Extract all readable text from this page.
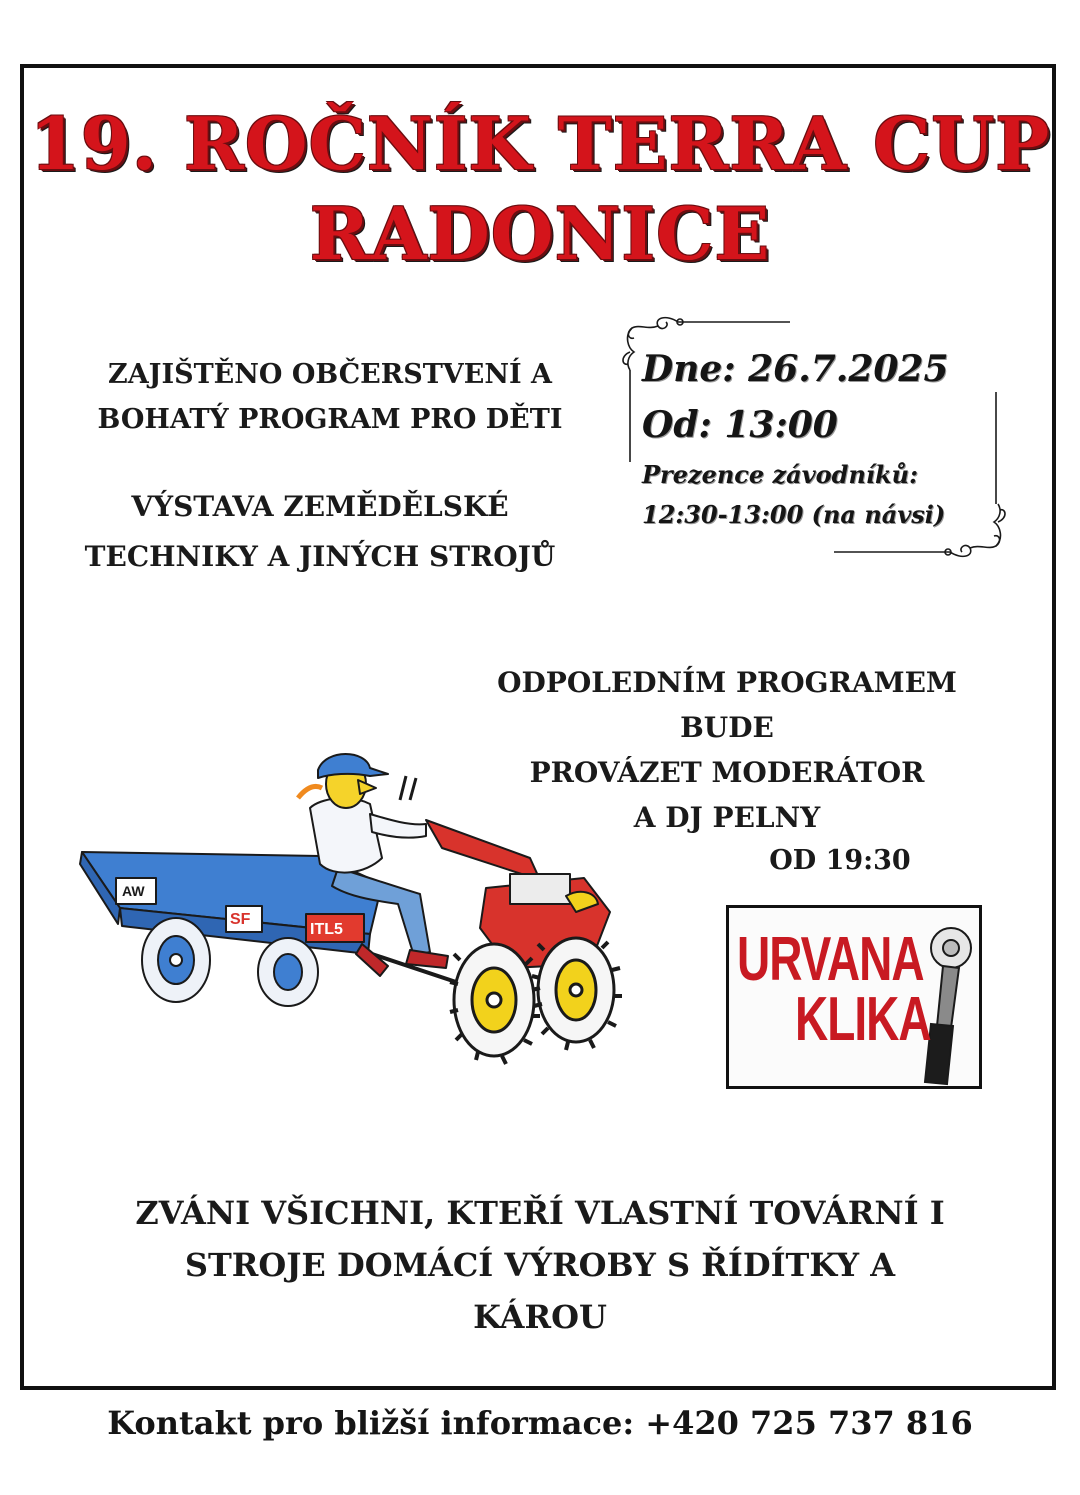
19. ROČNÍK TERRA CUP
RADONICE
ZAJIŠTĚNO OBČERSTVENÍ A
BOHATÝ PROGRAM PRO DĚTI
VÝSTAVA ZEMĚDĚLSKÉ
TECHNIKY A JINÝCH STROJŮ
Dne: 26.7.2025
Od: 13:00
Prezence závodníků:
12:30-13:00 (na návsi)
ODPOLEDNÍM PROGRAMEM BUDE
PROVÁZET MODERÁTOR
A DJ PELNY
OD 19:30
AW
SF
ITL5	URVANA
KLIKA
ZVÁNI VŠICHNI, KTEŘÍ VLASTNÍ TOVÁRNÍ I
STROJE DOMÁCÍ VÝROBY S ŘÍDÍTKY A
KÁROU
Kontakt pro bližší informace: +420 725 737 816
